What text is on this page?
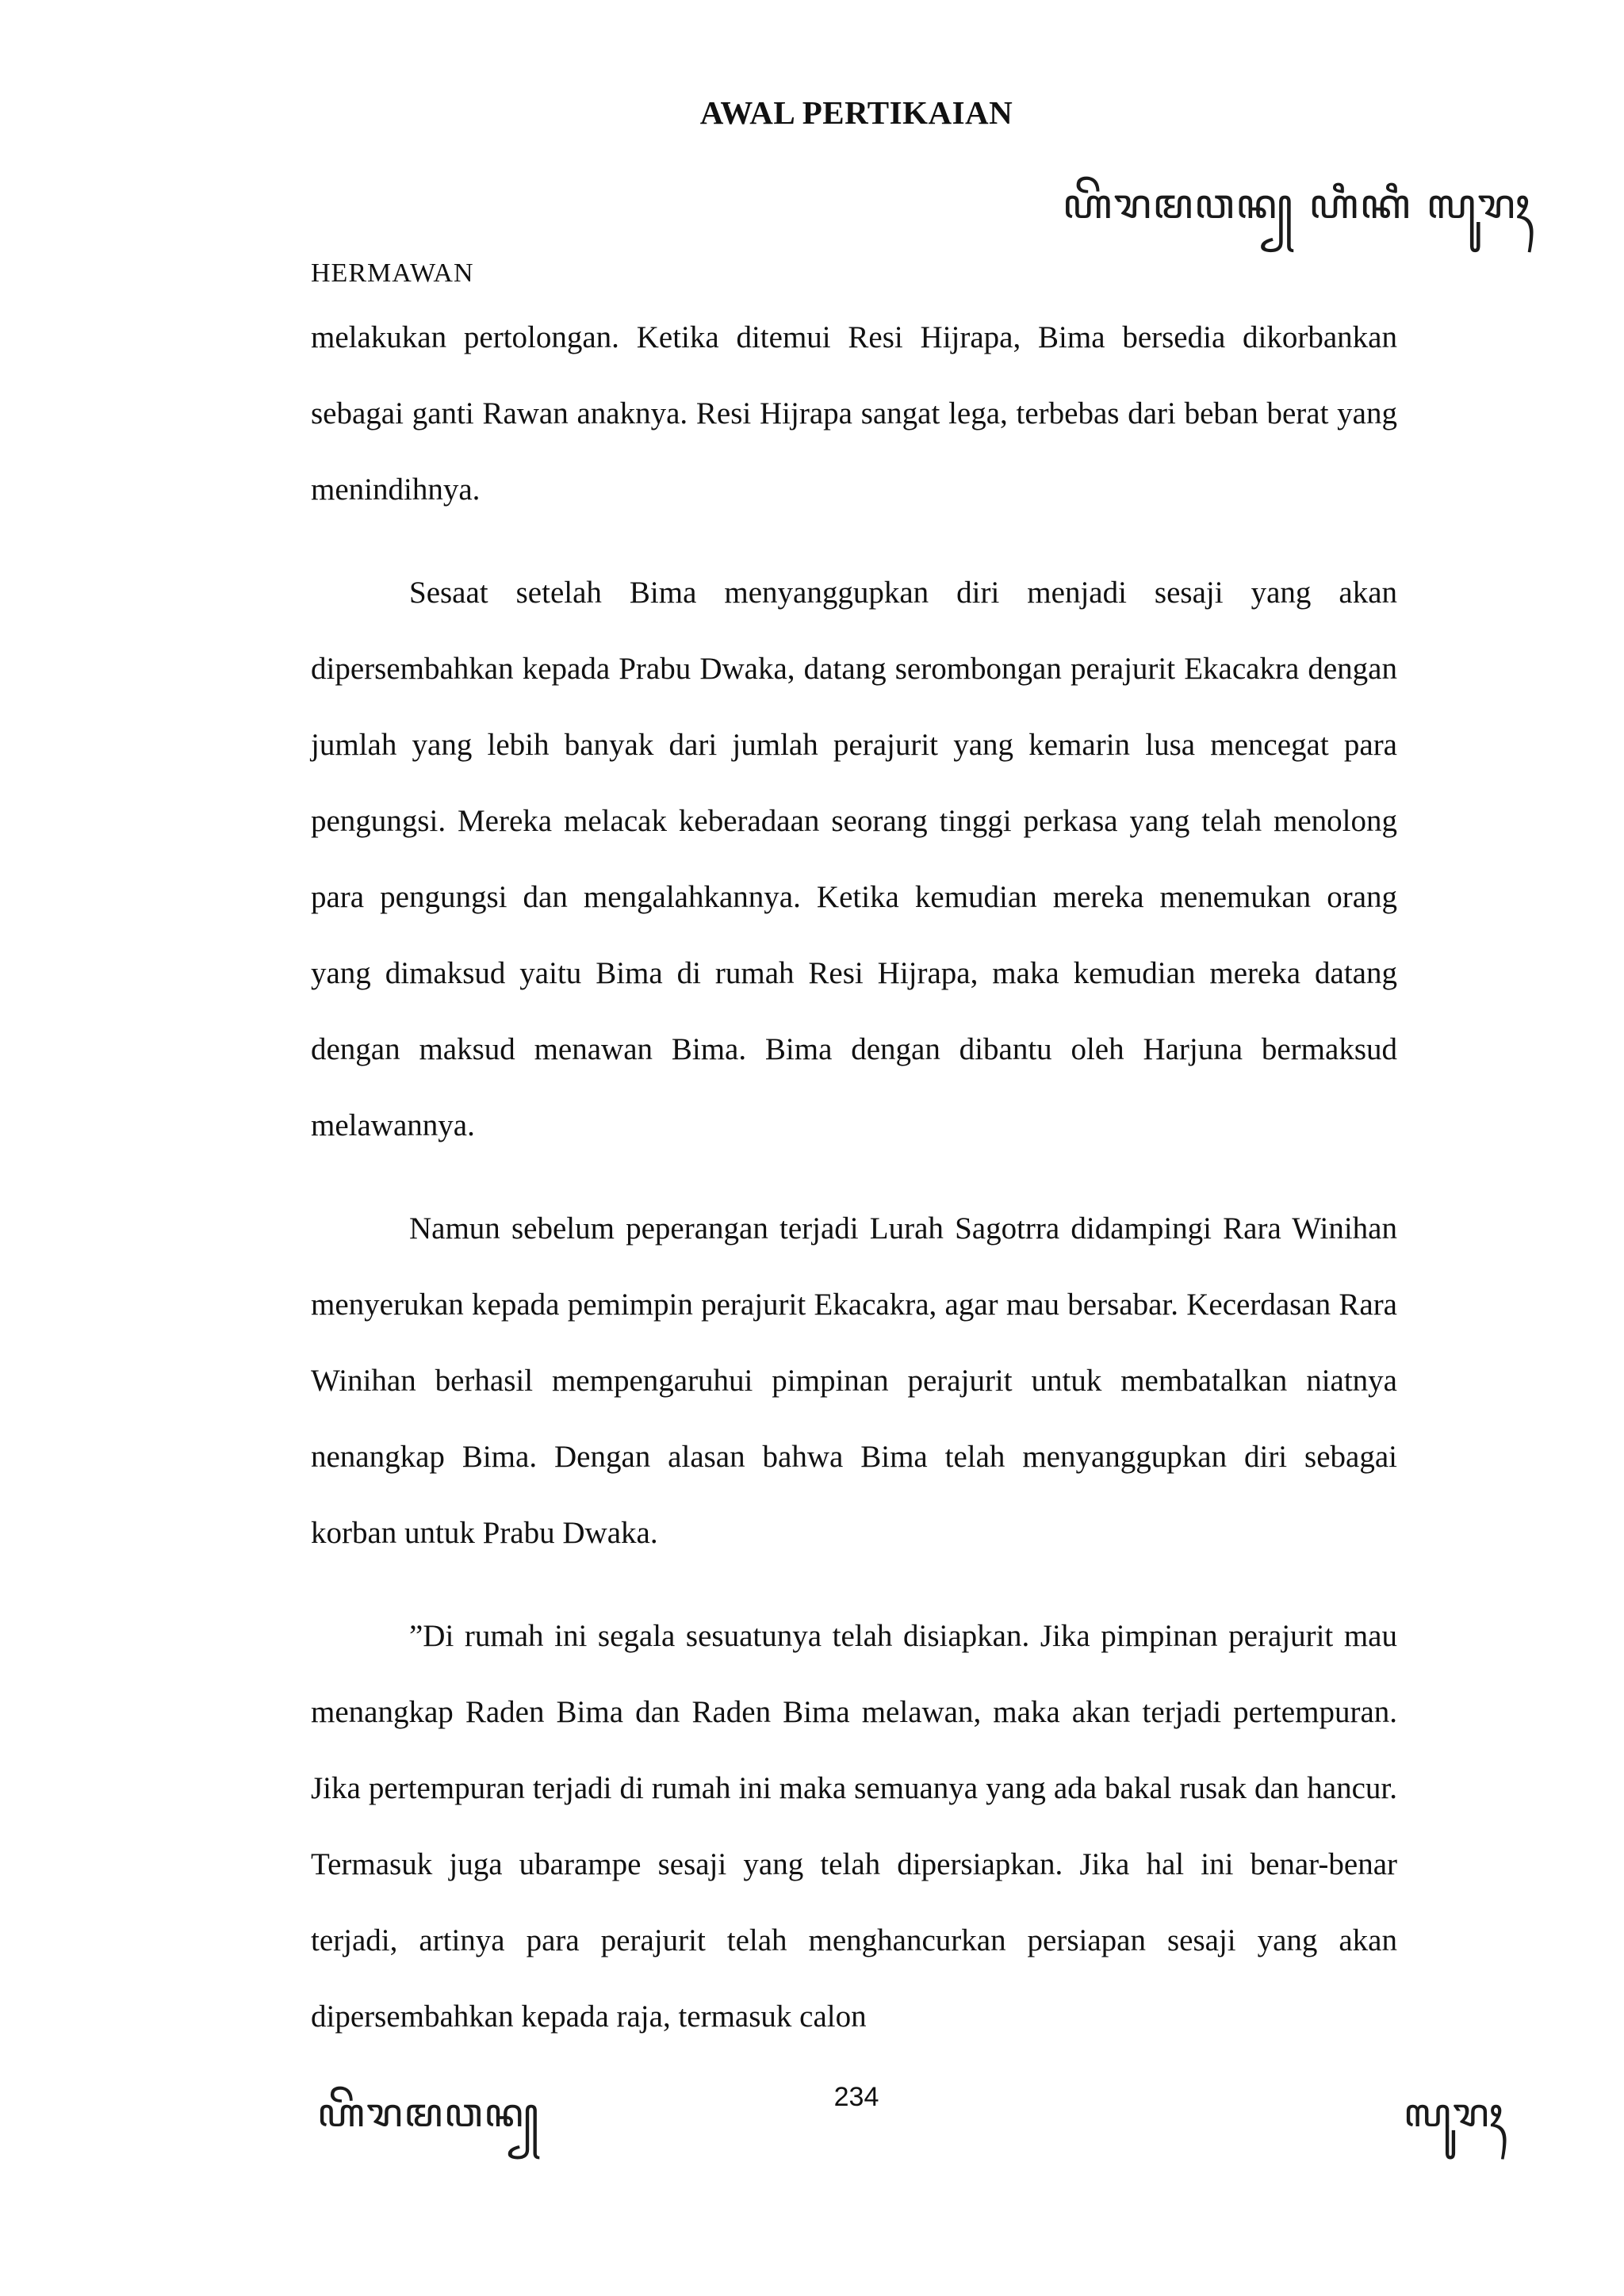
AWAL PERTIKAIAN
ꦲꦼꦫꦩꦮꦤ꧀ ꦲꦶꦏꦶ ꦭꦸꦫꦃ
HERMAWAN

melakukan pertolongan. Ketika ditemui Resi Hijrapa, Bima bersedia dikorbankan sebagai ganti Rawan anaknya. Resi Hijrapa sangat lega, terbebas dari beban berat yang menindihnya.

Sesaat setelah Bima menyanggupkan diri menjadi sesaji yang akan dipersembahkan kepada Prabu Dwaka, datang serombongan perajurit Ekacakra dengan jumlah yang lebih banyak dari jumlah perajurit yang kemarin lusa mencegat para pengungsi. Mereka melacak keberadaan seorang tinggi perkasa yang telah menolong para pengungsi dan mengalahkannya. Ketika kemudian mereka menemukan orang yang dimaksud yaitu Bima di rumah Resi Hijrapa, maka kemudian mereka datang dengan maksud menawan Bima. Bima dengan dibantu oleh Harjuna bermaksud melawannya.

Namun sebelum peperangan terjadi Lurah Sagotrra didampingi Rara Winihan menyerukan kepada pemimpin perajurit Ekacakra, agar mau bersabar. Kecerdasan Rara Winihan berhasil mempengaruhui pimpinan perajurit untuk membatalkan niatnya nenangkap Bima. Dengan alasan bahwa Bima telah menyanggupkan diri sebagai korban untuk Prabu Dwaka.

”Di rumah ini segala sesuatunya telah disiapkan. Jika pimpinan perajurit mau menangkap Raden Bima dan Raden Bima melawan, maka akan terjadi pertempuran. Jika pertempuran terjadi di rumah ini maka semuanya yang ada bakal rusak dan hancur. Termasuk juga ubarampe sesaji yang telah dipersiapkan. Jika hal ini benar-benar terjadi, artinya para perajurit telah menghancurkan persiapan sesaji yang akan dipersembahkan kepada raja, termasuk calon

234
ꦲꦼꦫꦩꦮꦤ꧀	ꦭꦸꦫꦃ
